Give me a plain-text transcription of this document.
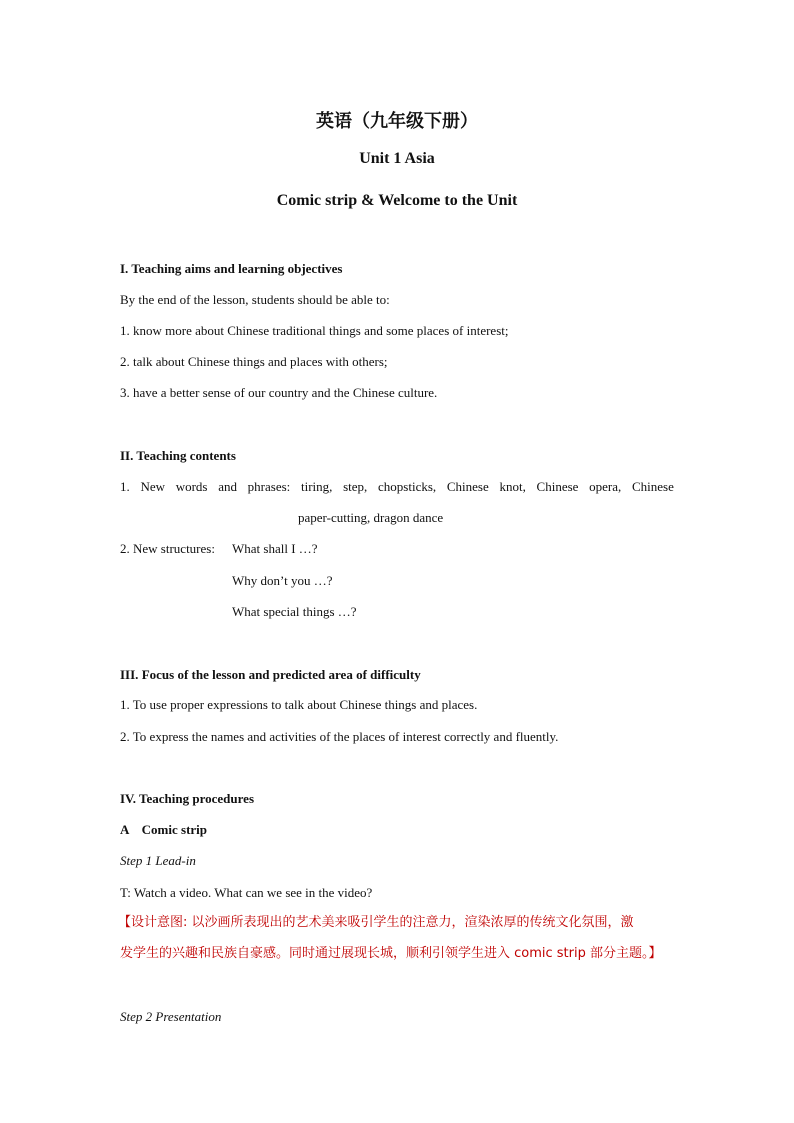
英语（九年级下册）
Unit 1 Asia
Comic strip & Welcome to the Unit
I. Teaching aims and learning objectives
By the end of the lesson, students should be able to:
1. know more about Chinese traditional things and some places of interest;
2. talk about Chinese things and places with others;
3. have a better sense of our country and the Chinese culture.
II. Teaching contents
1. New words and phrases: tiring, step, chopsticks, Chinese knot, Chinese opera, Chinese
paper-cutting, dragon dance
2. New structures: What shall I …?
Why don’t you …?
What special things …?
III. Focus of the lesson and predicted area of difficulty
1. To use proper expressions to talk about Chinese things and places.
2. To express the names and activities of the places of interest correctly and fluently.
IV. Teaching procedures
A    Comic strip
Step 1 Lead-in
T: Watch a video. What can we see in the video?
【设计意图: 以沙画所表现出的艺术美来吸引学生的注意力，渲染浓厚的传统文化氛围，激
发学生的兴趣和民族自豪感。同时通过展现长城，顺利引领学生进入 comic strip 部分主题。】
Step 2 Presentation
